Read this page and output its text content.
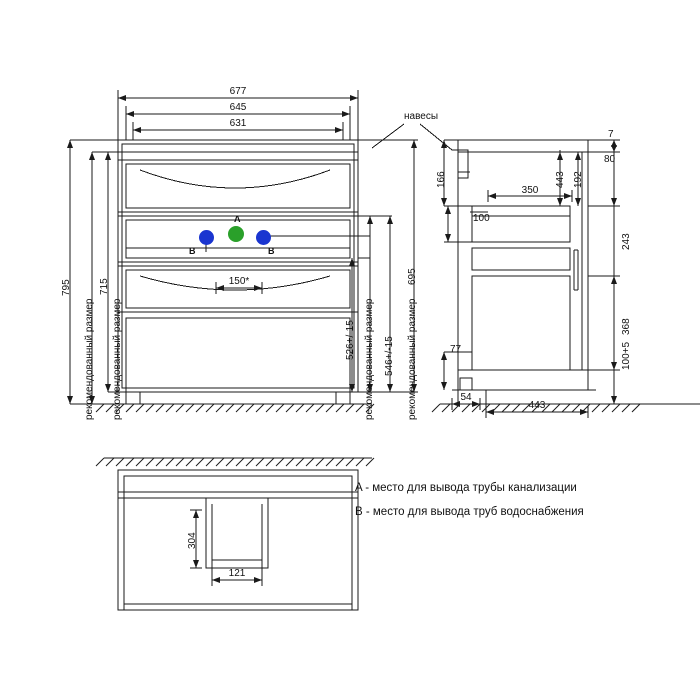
A
B	B
677
645
631
150*
795
рекомендованный размер
715
рекомендованный размер	526+/-15 рекомендованный размер 546+/-15 рекомендованный размер
695
навесы
166
100
350
443 192
77
54
443
7
80
243
368
100+5
304
121
A - место для вывода трубы канализации
B - место для вывода труб водоснабжения
